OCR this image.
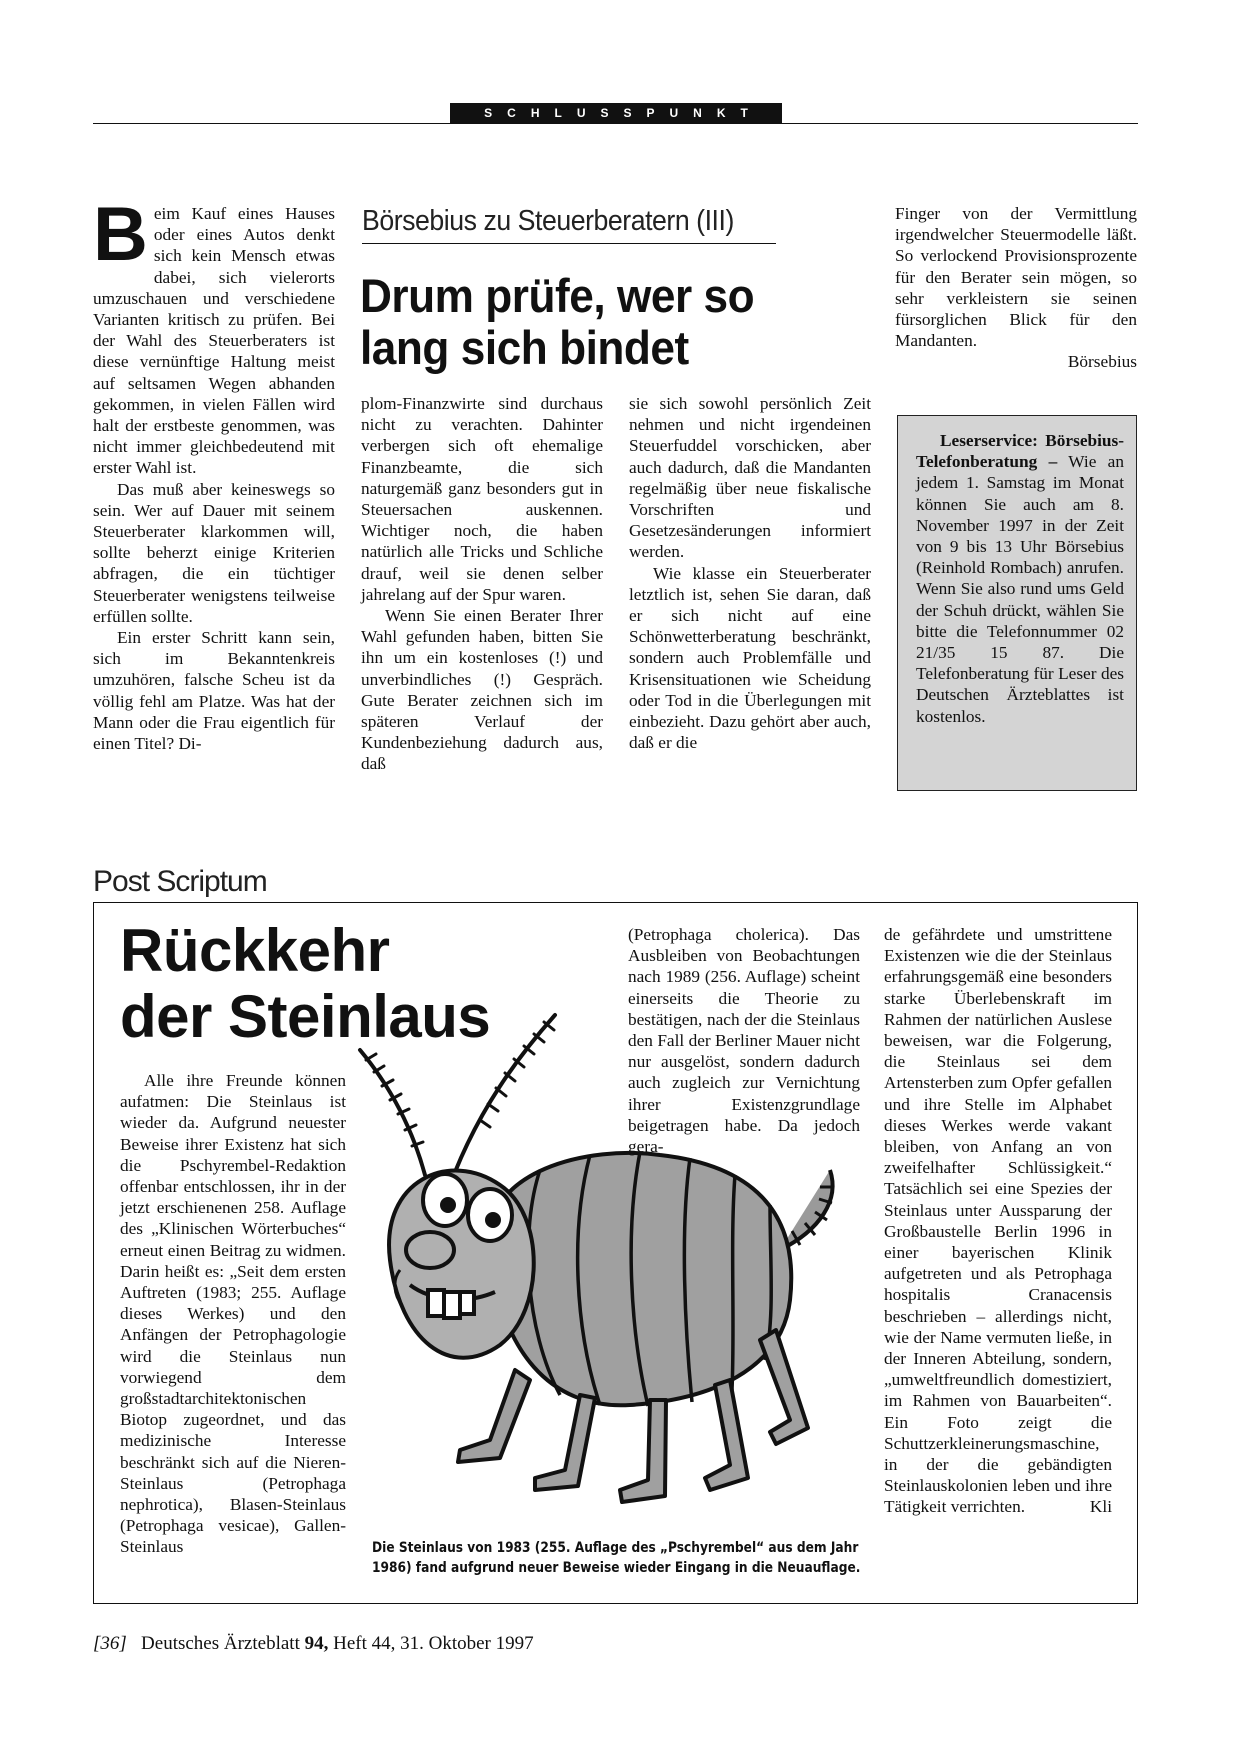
SCHLUSSPUNKT

Beim Kauf eines Hauses oder eines Autos denkt sich kein Mensch etwas dabei, sich vielerorts umzuschauen und verschiedene Varianten kritisch zu prüfen. Bei der Wahl des Steuerberaters ist diese vernünftige Haltung meist auf seltsamen Wegen abhanden gekommen, in vielen Fällen wird halt der erstbeste genommen, was nicht immer gleichbedeutend mit erster Wahl ist.

Das muß aber keineswegs so sein. Wer auf Dauer mit seinem Steuerberater klarkommen will, sollte beherzt einige Kriterien abfragen, die ein tüchtiger Steuerberater wenigstens teilweise erfüllen sollte.

Ein erster Schritt kann sein, sich im Bekanntenkreis umzuhören, falsche Scheu ist da völlig fehl am Platze. Was hat der Mann oder die Frau eigentlich für einen Titel? Di-

Börsebius zu Steuerberatern (III)
Drum prüfe, wer so
lang sich bindet

plom-Finanzwirte sind durchaus nicht zu verachten. Dahinter verbergen sich oft ehemalige Finanzbeamte, die sich naturgemäß ganz besonders gut in Steuersachen auskennen. Wichtiger noch, die haben natürlich alle Tricks und Schliche drauf, weil sie denen selber jahrelang auf der Spur waren.

Wenn Sie einen Berater Ihrer Wahl gefunden haben, bitten Sie ihn um ein kostenloses (!) und unverbindliches (!) Gespräch. Gute Berater zeichnen sich im späteren Verlauf der Kundenbeziehung dadurch aus, daß

sie sich sowohl persönlich Zeit nehmen und nicht irgendeinen Steuerfuddel vorschicken, aber auch dadurch, daß die Mandanten regelmäßig über neue fiskalische Vorschriften und Gesetzesänderungen informiert werden.

Wie klasse ein Steuerberater letztlich ist, sehen Sie daran, daß er sich nicht auf eine Schönwetterberatung beschränkt, sondern auch Problemfälle und Krisensituationen wie Scheidung oder Tod in die Überlegungen mit einbezieht. Dazu gehört aber auch, daß er die

Finger von der Vermittlung irgendwelcher Steuermodelle läßt. So verlockend Provisionsprozente für den Berater sein mögen, so sehr verkleistern sie seinen fürsorglichen Blick für den Mandanten.

Börsebius

Leserservice: Börsebius-Telefonberatung – Wie an jedem 1. Samstag im Monat können Sie auch am 8. November 1997 in der Zeit von 9 bis 13 Uhr Börsebius (Reinhold Rombach) anrufen. Wenn Sie also rund ums Geld der Schuh drückt, wählen Sie bitte die Telefonnummer 02 21/35 15 87. Die Telefonberatung für Leser des Deutschen Ärzteblattes ist kostenlos.

Post Scriptum
Rückkehr
der Steinlaus

Alle ihre Freunde können aufatmen: Die Steinlaus ist wieder da. Aufgrund neuester Beweise ihrer Existenz hat sich die Pschyrembel-Redaktion offenbar entschlossen, ihr in der jetzt erschienenen 258. Auflage des „Klinischen Wörterbuches“ erneut einen Beitrag zu widmen. Darin heißt es: „Seit dem ersten Auftreten (1983; 255. Auflage dieses Werkes) und den Anfängen der Petrophagologie wird die Steinlaus nun vorwiegend dem großstadtarchitektonischen Biotop zugeordnet, und das medizinische Interesse beschränkt sich auf die Nieren-Steinlaus (Petrophaga nephrotica), Blasen-Steinlaus (Petrophaga vesicae), Gallen-Steinlaus

(Petrophaga cholerica). Das Ausbleiben von Beobachtungen nach 1989 (256. Auflage) scheint einerseits die Theorie zu bestätigen, nach der die Steinlaus den Fall der Berliner Mauer nicht nur ausgelöst, sondern dadurch auch zugleich zur Vernichtung ihrer Existenzgrundlage beigetragen habe. Da jedoch gera-

de gefährdete und umstrittene Existenzen wie die der Steinlaus erfahrungsgemäß eine besonders starke Überlebenskraft im Rahmen der natürlichen Auslese beweisen, war die Folgerung, die Steinlaus sei dem Artensterben zum Opfer gefallen und ihre Stelle im Alphabet dieses Werkes werde vakant bleiben, von Anfang an von zweifelhafter Schlüssigkeit.“ Tatsächlich sei eine Spezies der Steinlaus unter Aussparung der Großbaustelle Berlin 1996 in einer bayerischen Klinik aufgetreten und als Petrophaga hospitalis Cranacensis beschrieben – allerdings nicht, wie der Name vermuten ließe, in der Inneren Abteilung, sondern, „umweltfreundlich domestiziert, im Rahmen von Bauarbeiten“. Ein Foto zeigt die Schuttzerkleinerungsmaschine, in der die gebändigten Steinlauskolonien leben und ihre Tätigkeit verrichten.	Kli

Die Steinlaus von 1983 (255. Auflage des „Pschyrembel“ aus dem Jahr
1986) fand aufgrund neuer Beweise wieder Eingang in die Neuauflage.
[36] Deutsches Ärzteblatt 94, Heft 44, 31. Oktober 1997
